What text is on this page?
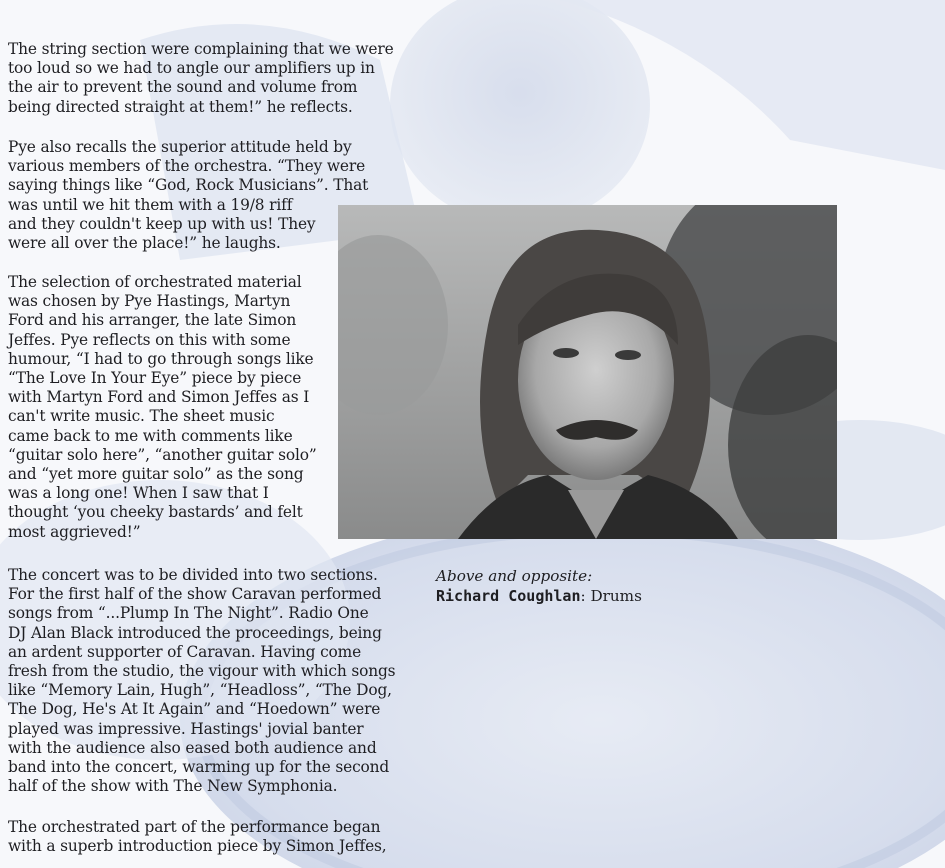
The string section were complaining that we were

too loud so we had to angle our amplifiers up in

the air to prevent the sound and volume from

being directed straight at them!” he reflects.

Pye also recalls the superior attitude held by

various members of the orchestra. “They were

saying things like “God, Rock Musicians”. That

was until we hit them with a 19/8 riff

and they couldn't keep up with us! They

were all over the place!” he laughs.

The selection of orchestrated material

was chosen by Pye Hastings, Martyn

Ford and his arranger, the late Simon

Jeffes. Pye reflects on this with some

humour, “I had to go through songs like

“The Love In Your Eye” piece by piece

with Martyn Ford and Simon Jeffes as I

can't write music. The sheet music

came back to me with comments like

“guitar solo here”, “another guitar solo”

and “yet more guitar solo” as the song

was a long one! When I saw that I

thought ‘you cheeky bastards’ and felt

most aggrieved!”

The concert was to be divided into two sections.

For the first half of the show Caravan performed

songs from “...Plump In The Night”. Radio One

DJ Alan Black introduced the proceedings, being

an ardent supporter of Caravan. Having come

fresh from the studio, the vigour with which songs

like “Memory Lain, Hugh”, “Headloss”, “The Dog,

The Dog, He's At It Again” and “Hoedown” were

played was impressive. Hastings' jovial banter

with the audience also eased both audience and

band into the concert, warming up for the second

half of the show with The New Symphonia.

The orchestrated part of the performance began

with a superb introduction piece by Simon Jeffes,

Above and opposite:
Richard Coughlan: Drums
